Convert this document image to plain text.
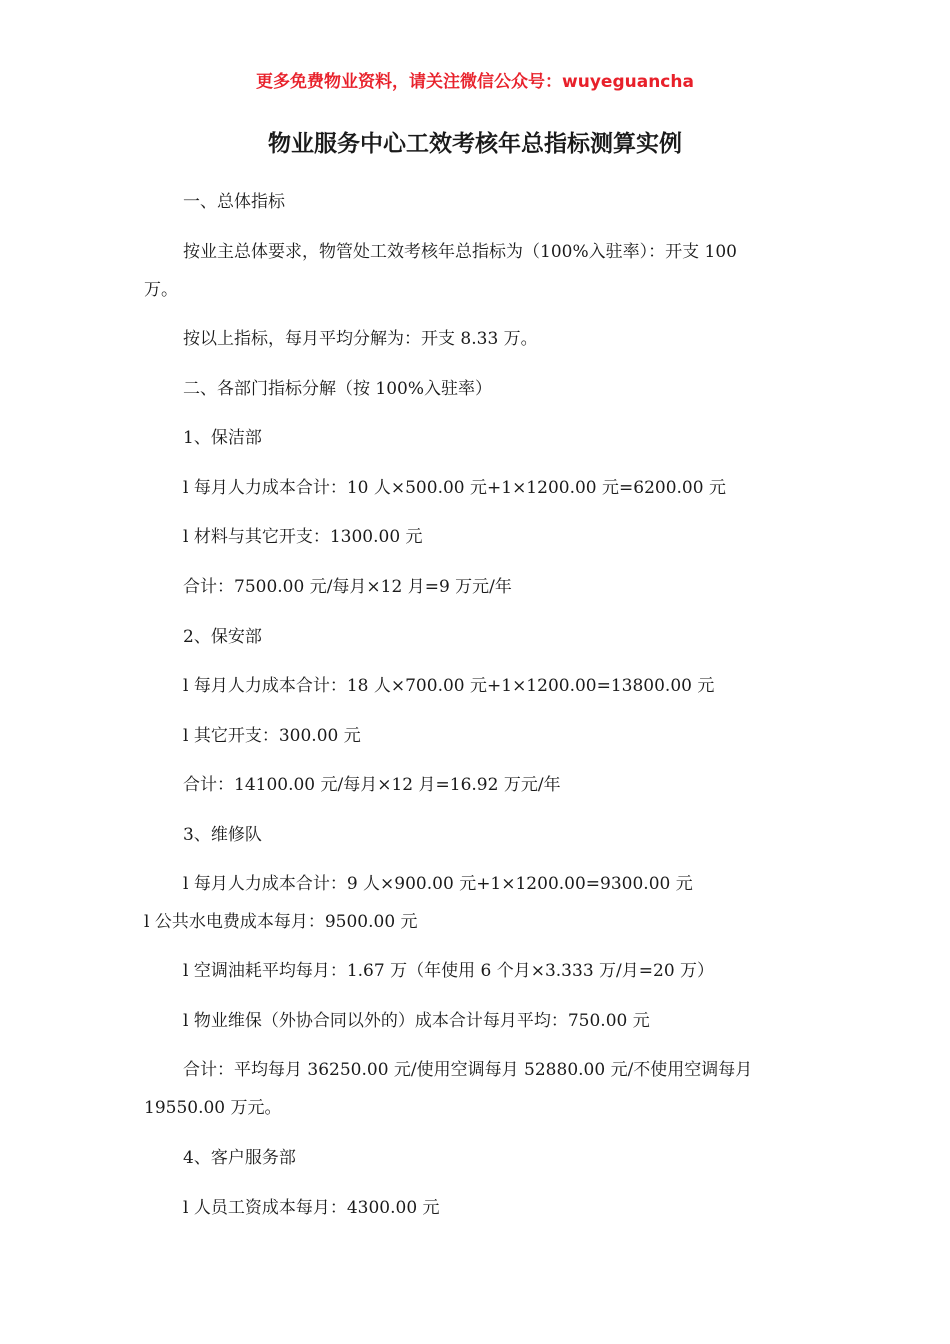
更多免费物业资料，请关注微信公众号：wuyeguancha
物业服务中心工效考核年总指标测算实例
一、总体指标
按业主总体要求，物管处工效考核年总指标为（100%入驻率）：开支 100
万。
按以上指标，每月平均分解为：开支 8.33 万。
二、各部门指标分解（按 100%入驻率）
1、保洁部
l 每月人力成本合计：10 人×500.00 元+1×1200.00 元=6200.00 元
l 材料与其它开支：1300.00 元
合计：7500.00 元/每月×12 月=9 万元/年
2、保安部
l 每月人力成本合计：18 人×700.00 元+1×1200.00=13800.00 元
l 其它开支：300.00 元
合计：14100.00 元/每月×12 月=16.92 万元/年
3、维修队
l 每月人力成本合计：9 人×900.00 元+1×1200.00=9300.00 元
l 公共水电费成本每月：9500.00 元
l 空调油耗平均每月：1.67 万（年使用 6 个月×3.333 万/月=20 万）
l 物业维保（外协合同以外的）成本合计每月平均：750.00 元
合计：平均每月 36250.00 元/使用空调每月 52880.00 元/不使用空调每月
19550.00 万元。
4、客户服务部
l 人员工资成本每月：4300.00 元
